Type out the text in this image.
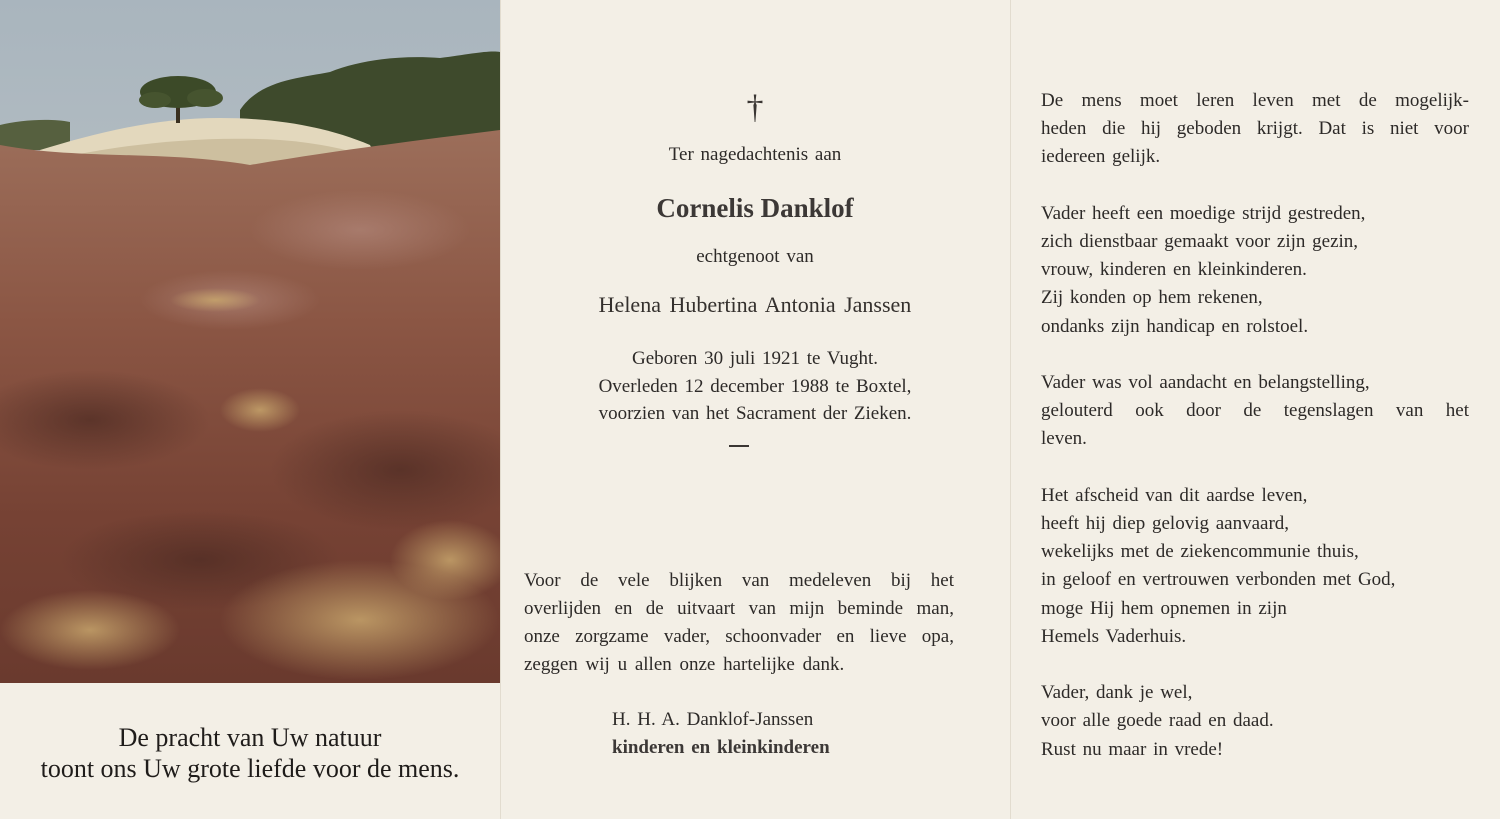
De pracht van Uw natuur
toont ons Uw grote liefde voor de mens.
†
Ter nagedachtenis aan
Cornelis Danklof
echtgenoot van
Helena Hubertina Antonia Janssen
Geboren 30 juli 1921 te Vught.
Overleden 12 december 1988 te Boxtel,
voorzien van het Sacrament der Zieken.
Voor de vele blijken van medeleven bij het overlijden en de uitvaart van mijn beminde man, onze zorgzame vader, schoonvader en lieve opa, zeggen wij u allen onze hartelijke dank.
H. H. A. Danklof-Janssen
kinderen en kleinkinderen
De mens moet leren leven met de mogelijk-
heden die hij geboden krijgt. Dat is niet voor
iedereen gelijk.
Vader heeft een moedige strijd gestreden,
zich dienstbaar gemaakt voor zijn gezin,
vrouw, kinderen en kleinkinderen.
Zij konden op hem rekenen,
ondanks zijn handicap en rolstoel.
Vader was vol aandacht en belangstelling,
gelouterd ook door de tegenslagen van het
leven.
Het afscheid van dit aardse leven,
heeft hij diep gelovig aanvaard,
wekelijks met de ziekencommunie thuis,
in geloof en vertrouwen verbonden met God,
moge Hij hem opnemen in zijn
Hemels Vaderhuis.
Vader, dank je wel,
voor alle goede raad en daad.
Rust nu maar in vrede!
